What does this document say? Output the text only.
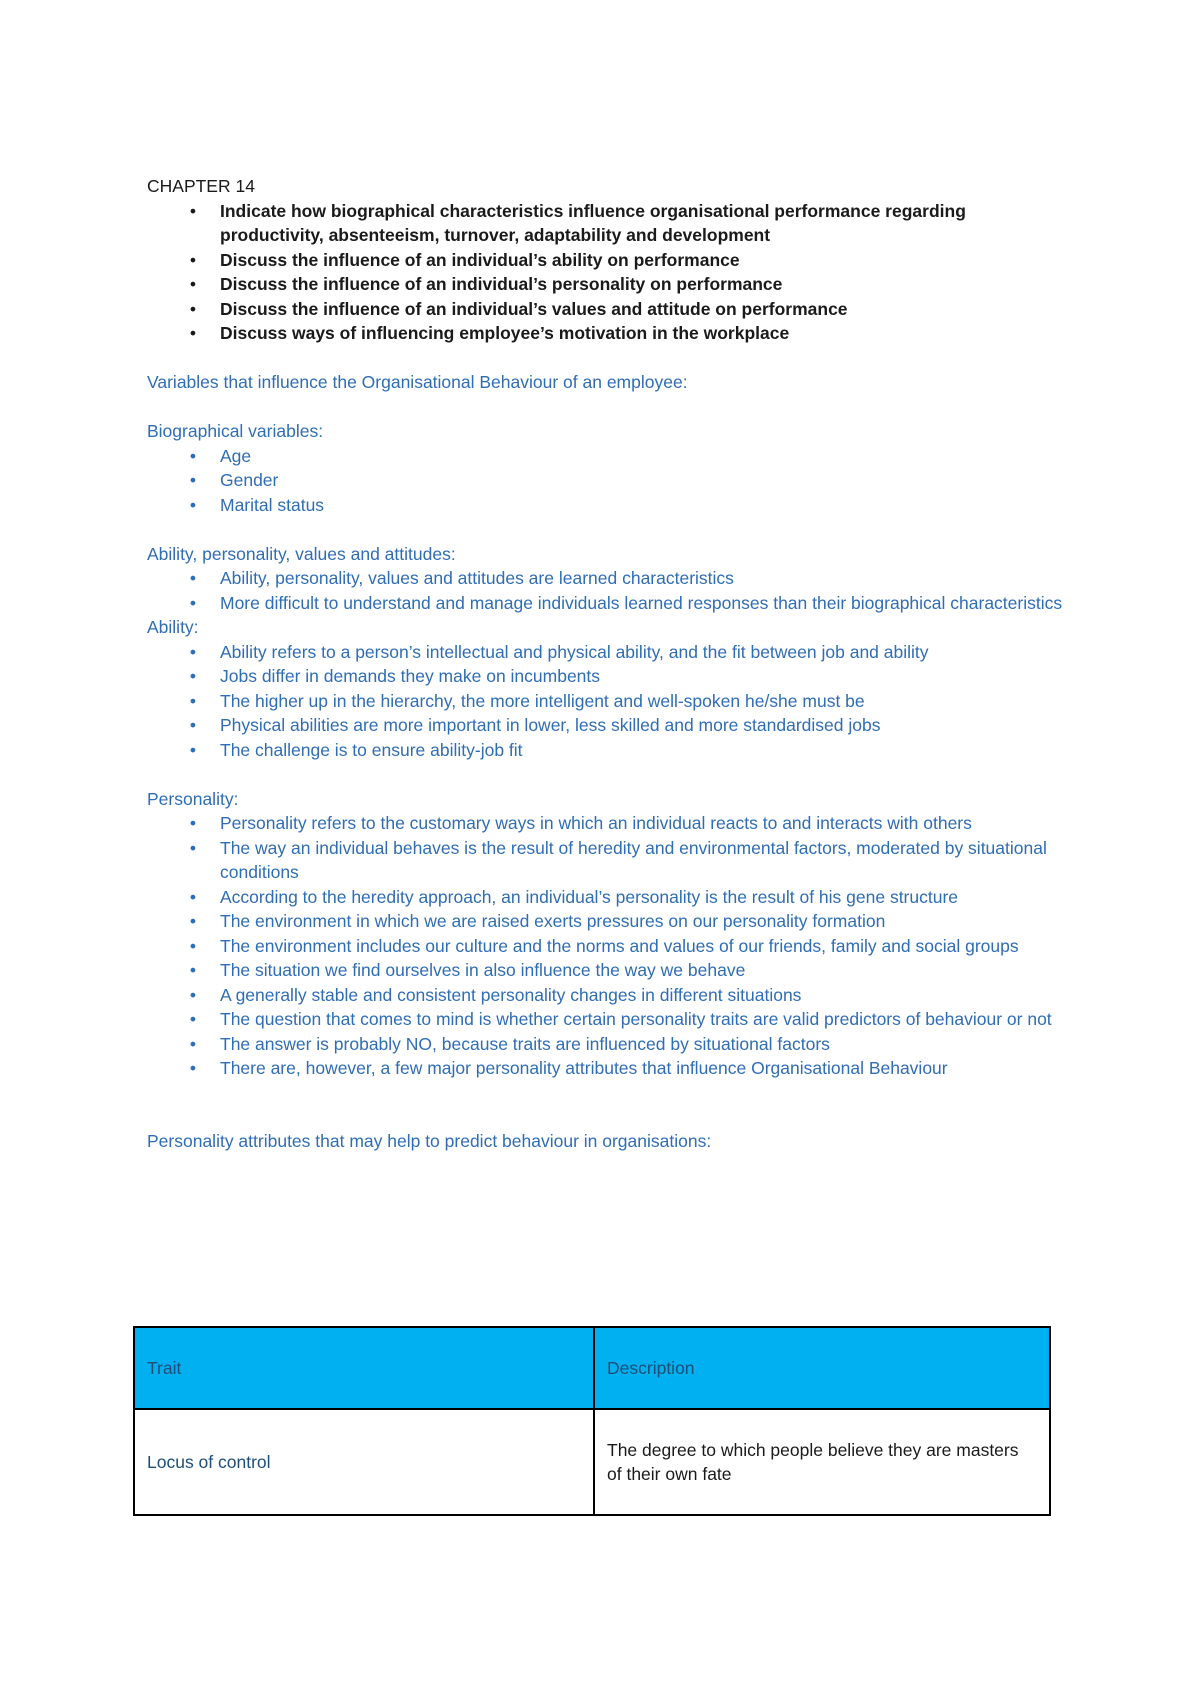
CHAPTER 14
• Indicate how biographical characteristics influence organisational performance regarding productivity, absenteeism, turnover, adaptability and development
• Discuss the influence of an individual’s ability on performance
• Discuss the influence of an individual’s personality on performance
• Discuss the influence of an individual’s values and attitude on performance
• Discuss ways of influencing employee’s motivation in the workplace
Variables that influence the Organisational Behaviour of an employee:
Biographical variables:
• Age
• Gender
• Marital status
Ability, personality, values and attitudes:
• Ability, personality, values and attitudes are learned characteristics
• More difficult to understand and manage individuals learned responses than their biographical characteristics
Ability:
• Ability refers to a person’s intellectual and physical ability, and the fit between job and ability
• Jobs differ in demands they make on incumbents
• The higher up in the hierarchy, the more intelligent and well-spoken he/she must be
• Physical abilities are more important in lower, less skilled and more standardised jobs
• The challenge is to ensure ability-job fit
Personality:
• Personality refers to the customary ways in which an individual reacts to and interacts with others
• The way an individual behaves is the result of heredity and environmental factors, moderated by situational conditions
• According to the heredity approach, an individual’s personality is the result of his gene structure
• The environment in which we are raised exerts pressures on our personality formation
• The environment includes our culture and the norms and values of our friends, family and social groups
• The situation we find ourselves in also influence the way we behave
• A generally stable and consistent personality changes in different situations
• The question that comes to mind is whether certain personality traits are valid predictors of behaviour or not
• The answer is probably NO, because traits are influenced by situational factors
• There are, however, a few major personality attributes that influence Organisational Behaviour
Personality attributes that may help to predict behaviour in organisations:
Trait	Description
Locus of control	The degree to which people believe they are masters of their own fate
